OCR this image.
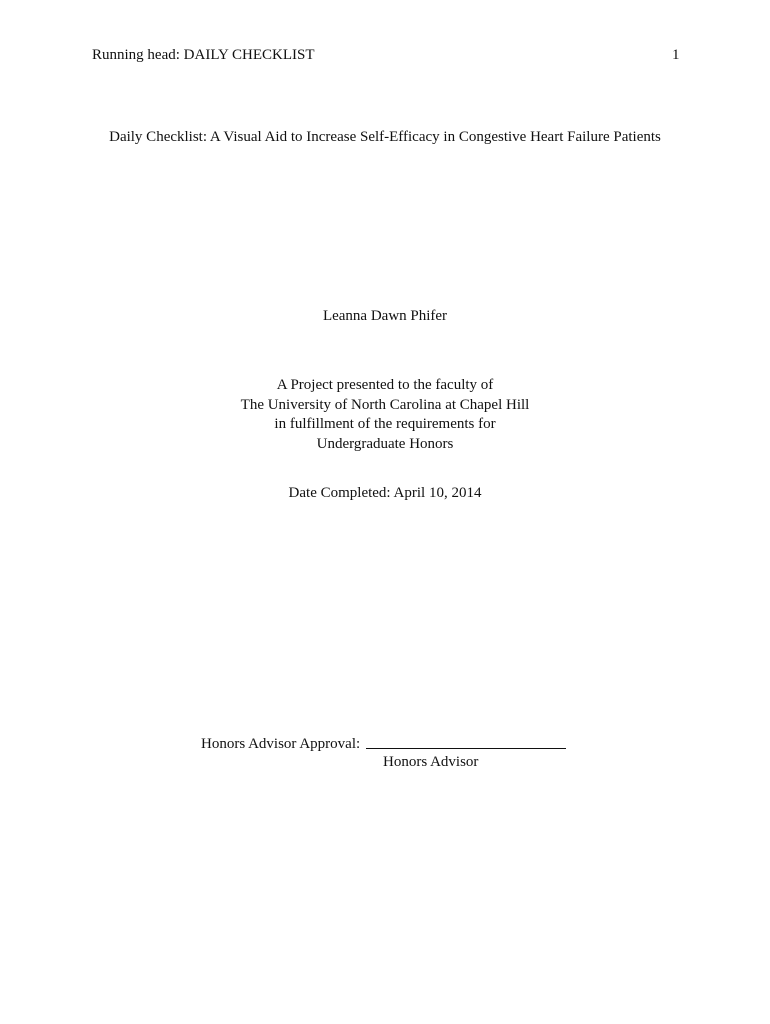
Running head: DAILY CHECKLIST	1
Daily Checklist: A Visual Aid to Increase Self-Efficacy in Congestive Heart Failure Patients
Leanna Dawn Phifer
A Project presented to the faculty of
The University of North Carolina at Chapel Hill
in fulfillment of the requirements for
Undergraduate Honors
Date Completed: April 10, 2014
Honors Advisor Approval:
Honors Advisor
